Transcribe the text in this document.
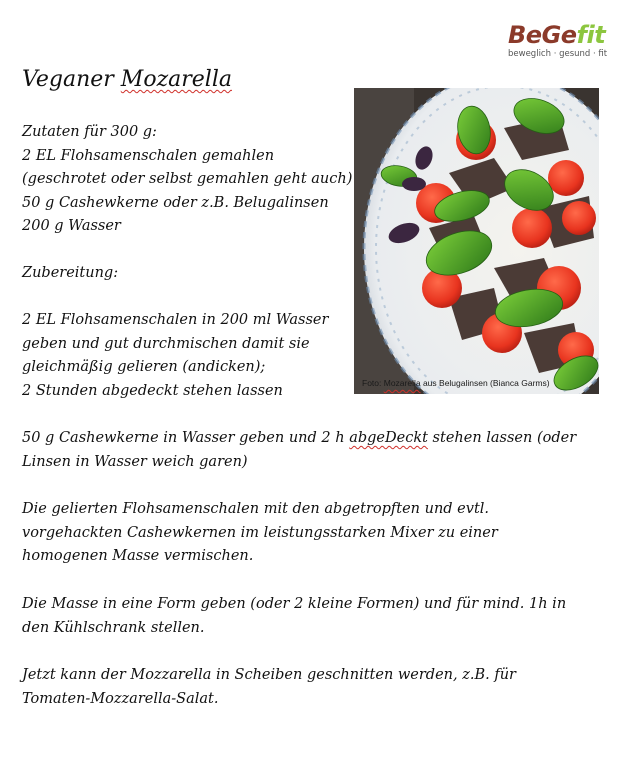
BeGefit
beweglich · gesund · fit
Veganer Mozarella
Zutaten für 300 g:
2 EL Flohsamenschalen gemahlen
(geschrotet oder selbst gemahlen geht auch)
50 g Cashewkerne oder z.B. Belugalinsen
200 g Wasser
Zubereitung:
2 EL Flohsamenschalen in 200 ml Wasser
geben und gut durchmischen damit sie
gleichmäßig gelieren (andicken);
2 Stunden abgedeckt stehen lassen
50 g Cashewkerne in Wasser geben und 2 h abgeDeckt stehen lassen (oder
Linsen in Wasser weich garen)
Die gelierten Flohsamenschalen mit den abgetropften und evtl.
vorgehackten Cashewkernen im leistungsstarken Mixer zu einer
homogenen Masse vermischen.
Die Masse in eine Form geben (oder 2 kleine Formen) und für mind. 1h in
den Kühlschrank stellen.
Jetzt kann der Mozzarella in Scheiben geschnitten werden, z.B. für
Tomaten-Mozzarella-Salat.
Foto: Mozarella aus Belugalinsen (Bianca Garms)
